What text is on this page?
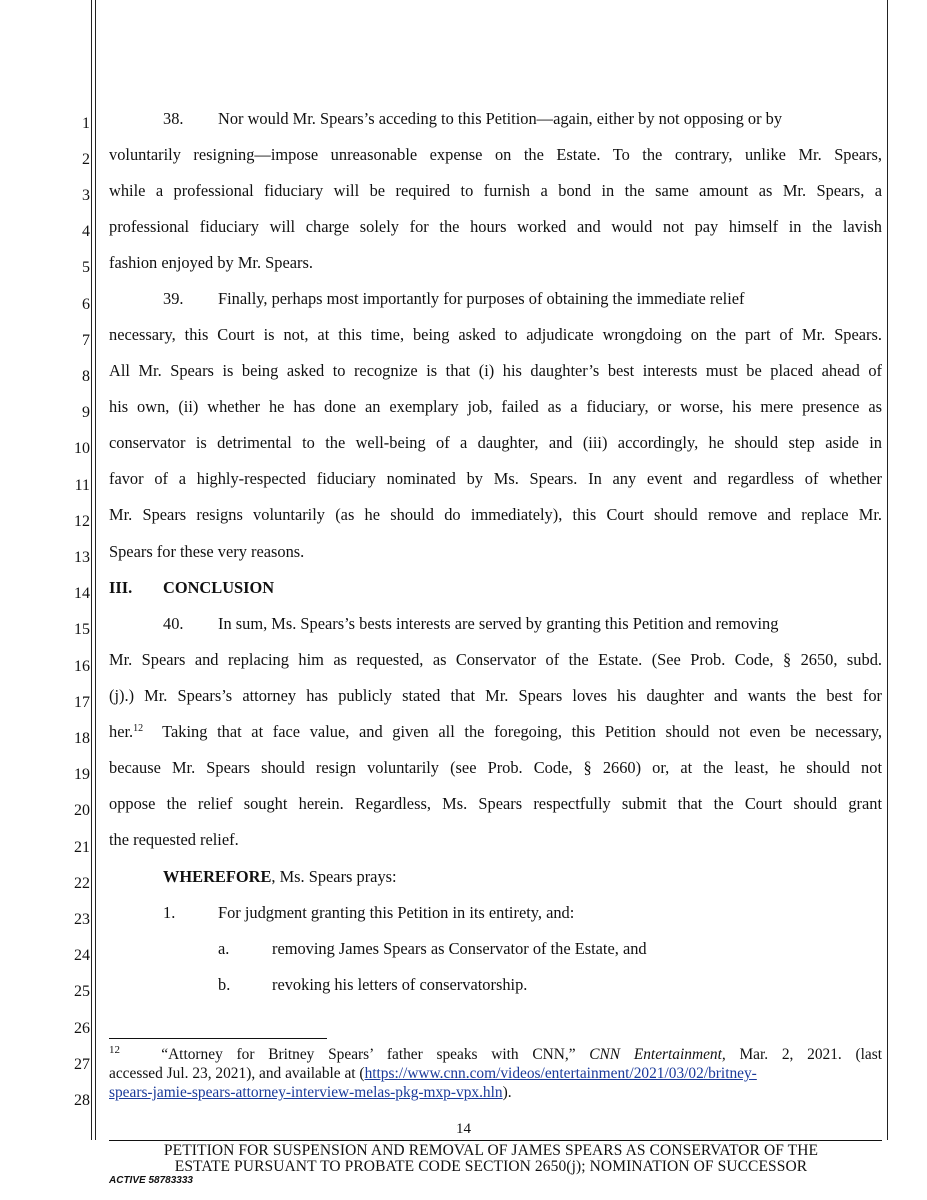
1
2
3
4
5
6
7
8
9
10
11
12
13
14
15
16
17
18
19
20
21
22
23
24
25
26
27
28
38. Nor would Mr. Spears’s acceding to this Petition—again, either by not opposing or by
voluntarily resigning—impose unreasonable expense on the Estate. To the contrary, unlike Mr. Spears,
while a professional fiduciary will be required to furnish a bond in the same amount as Mr. Spears, a
professional fiduciary will charge solely for the hours worked and would not pay himself in the lavish
fashion enjoyed by Mr. Spears.
39. Finally, perhaps most importantly for purposes of obtaining the immediate relief
necessary, this Court is not, at this time, being asked to adjudicate wrongdoing on the part of Mr. Spears.
All Mr. Spears is being asked to recognize is that (i) his daughter’s best interests must be placed ahead of
his own, (ii) whether he has done an exemplary job, failed as a fiduciary, or worse, his mere presence as
conservator is detrimental to the well-being of a daughter, and (iii) accordingly, he should step aside in
favor of a highly-respected fiduciary nominated by Ms. Spears. In any event and regardless of whether
Mr. Spears resigns voluntarily (as he should do immediately), this Court should remove and replace Mr.
Spears for these very reasons.
III. CONCLUSION
40. In sum, Ms. Spears’s bests interests are served by granting this Petition and removing
Mr. Spears and replacing him as requested, as Conservator of the Estate. (See Prob. Code, § 2650, subd.
(j).) Mr. Spears’s attorney has publicly stated that Mr. Spears loves his daughter and wants the best for
her.$^{12}$  Taking that at face value, and given all the foregoing, this Petition should not even be necessary,
because Mr. Spears should resign voluntarily (see Prob. Code, § 2660) or, at the least, he should not
oppose the relief sought herein. Regardless, Ms. Spears respectfully submit that the Court should grant
the requested relief.
WHEREFORE, Ms. Spears prays:
1.	For judgment granting this Petition in its entirety, and:
a.	removing James Spears as Conservator of the Estate, and
b.	revoking his letters of conservatorship.
$^{12}$	“Attorney for Britney Spears’ father speaks with CNN,” CNN Entertainment, Mar. 2, 2021. (last
accessed Jul. 23, 2021), and available at (https://www.cnn.com/videos/entertainment/2021/03/02/britney-
spears-jamie-spears-attorney-interview-melas-pkg-mxp-vpx.hln).
14
PETITION FOR SUSPENSION AND REMOVAL OF JAMES SPEARS AS CONSERVATOR OF THE
ESTATE PURSUANT TO PROBATE CODE SECTION 2650(j); NOMINATION OF SUCCESSOR
ACTIVE 58783333
